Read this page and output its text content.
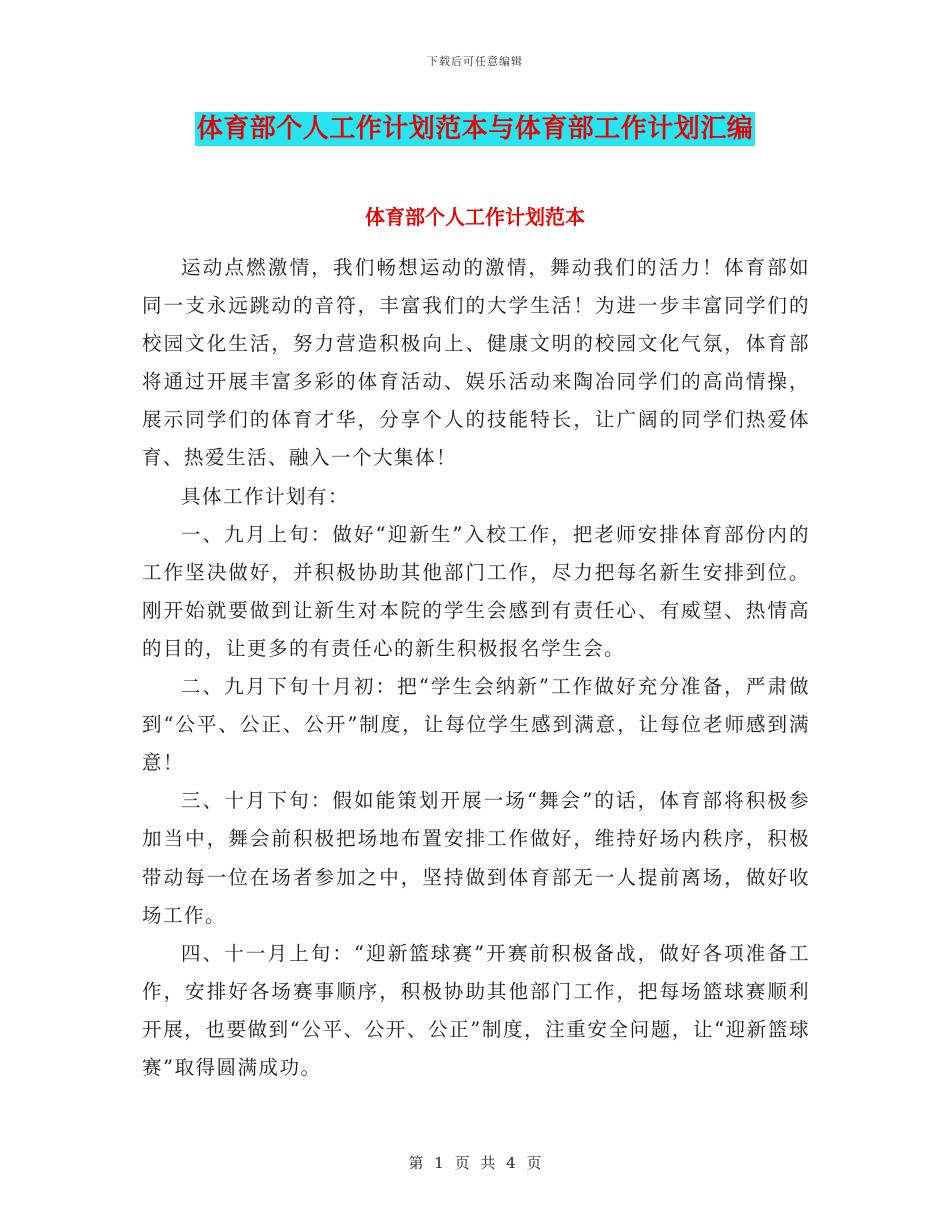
下载后可任意编辑
体育部个人工作计划范本与体育部工作计划汇编
体育部个人工作计划范本

运动点燃激情，我们畅想运动的激情，舞动我们的活力！体育部如同一支永远跳动的音符，丰富我们的大学生活！为进一步丰富同学们的校园文化生活，努力营造积极向上、健康文明的校园文化气氛，体育部将通过开展丰富多彩的体育活动、娱乐活动来陶冶同学们的高尚情操，展示同学们的体育才华，分享个人的技能特长，让广阔的同学们热爱体育、热爱生活、融入一个大集体！

具体工作计划有：

一、九月上旬：做好“迎新生”入校工作，把老师安排体育部份内的工作坚决做好，并积极协助其他部门工作，尽力把每名新生安排到位。刚开始就要做到让新生对本院的学生会感到有责任心、有威望、热情高的目的，让更多的有责任心的新生积极报名学生会。

二、九月下旬十月初：把“学生会纳新”工作做好充分准备，严肃做到“公平、公正、公开”制度，让每位学生感到满意，让每位老师感到满意！

三、十月下旬：假如能策划开展一场“舞会”的话，体育部将积极参加当中，舞会前积极把场地布置安排工作做好，维持好场内秩序，积极带动每一位在场者参加之中，坚持做到体育部无一人提前离场，做好收场工作。

四、十一月上旬：“迎新篮球赛”开赛前积极备战，做好各项准备工作，安排好各场赛事顺序，积极协助其他部门工作，把每场篮球赛顺利开展，也要做到“公平、公开、公正”制度，注重安全问题，让“迎新篮球赛”取得圆满成功。

第 1 页 共 4 页
